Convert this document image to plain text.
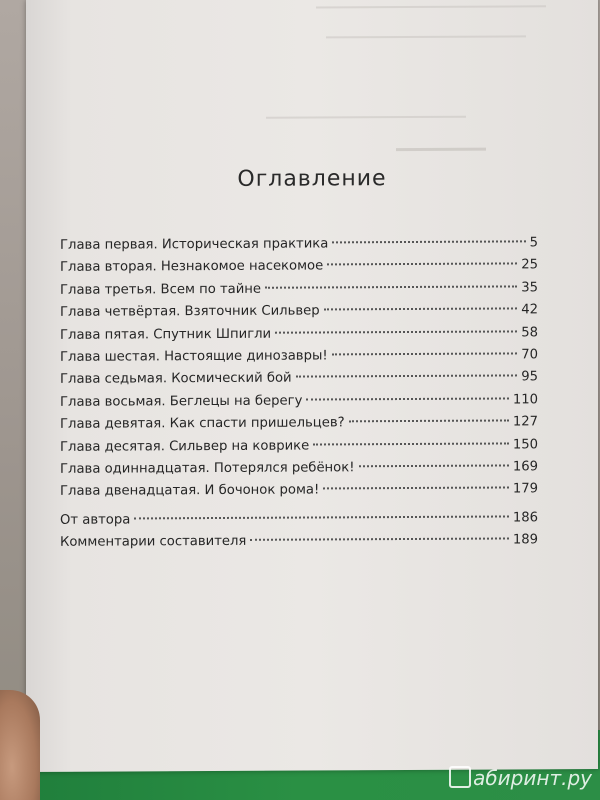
Оглавление
Глава первая. Историческая практика	5
Глава вторая. Незнакомое насекомое	25
Глава третья. Всем по тайне	35
Глава четвёртая. Взяточник Сильвер	42
Глава пятая. Спутник Шпигли	58
Глава шестая. Настоящие динозавры!	70
Глава седьмая. Космический бой	95
Глава восьмая. Беглецы на берегу	110
Глава девятая. Как спасти пришельцев?	127
Глава десятая. Сильвер на коврике	150
Глава одиннадцатая. Потерялся ребёнок!	169
Глава двенадцатая. И бочонок рома!	179
От автора	186
Комментарии составителя	189
абиринт.ру
